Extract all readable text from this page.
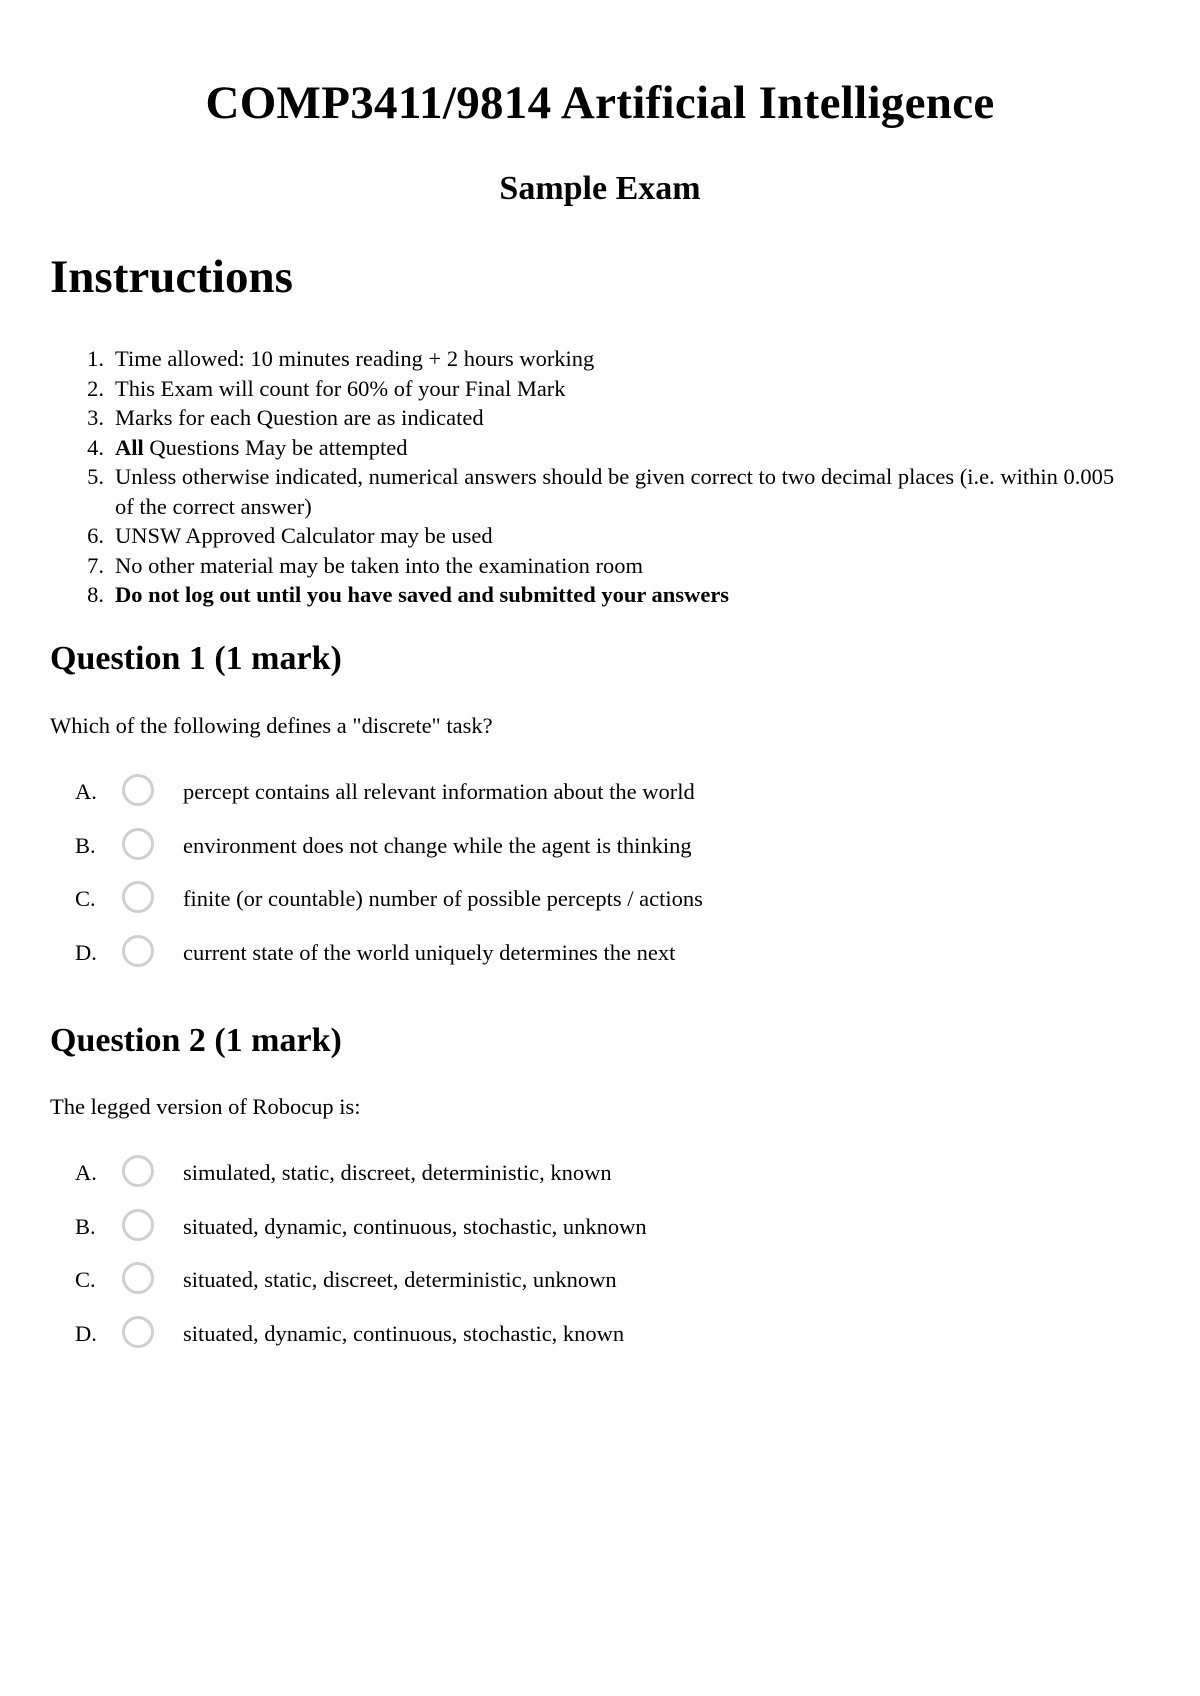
COMP3411/9814 Artificial Intelligence
Sample Exam
Instructions
1. Time allowed: 10 minutes reading + 2 hours working
2. This Exam will count for 60% of your Final Mark
3. Marks for each Question are as indicated
4. All Questions May be attempted
5. Unless otherwise indicated, numerical answers should be given correct to two decimal places (i.e. within 0.005 of the correct answer)
6. UNSW Approved Calculator may be used
7. No other material may be taken into the examination room
8. Do not log out until you have saved and submitted your answers
Question 1 (1 mark)
Which of the following defines a "discrete" task?
A.	percept contains all relevant information about the world
B.	environment does not change while the agent is thinking
C.	finite (or countable) number of possible percepts / actions
D.	current state of the world uniquely determines the next
Question 2 (1 mark)
The legged version of Robocup is:
A.	simulated, static, discreet, deterministic, known
B.	situated, dynamic, continuous, stochastic, unknown
C.	situated, static, discreet, deterministic, unknown
D.	situated, dynamic, continuous, stochastic, known
